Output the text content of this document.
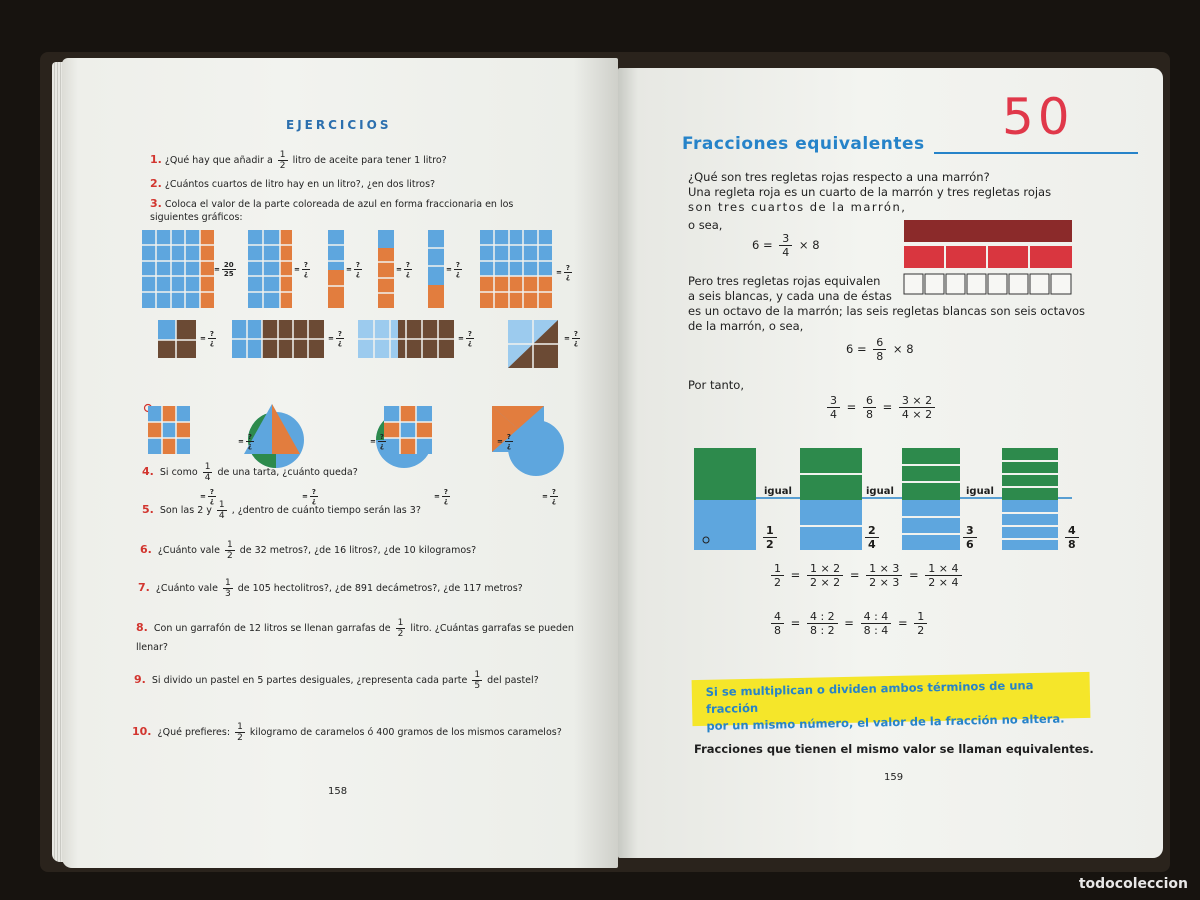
EJERCICIOS
1. ¿Qué hay que añadir a $\frac{1}{2}$ litro de aceite para tener 1 litro?
2. ¿Cuántos cuartos de litro hay en un litro?, ¿en dos litros?
3. Coloca el valor de la parte coloreada de azul en forma fraccionaria en los siguientes gráficos:
= $\frac{20}{25}$	= $\frac{?}{¿}$	= $\frac{?}{¿}$	= $\frac{?}{¿}$	= $\frac{?}{¿}$	= $\frac{?}{¿}$
= $\frac{?}{¿}$	= $\frac{?}{¿}$	= $\frac{?}{¿}$	= $\frac{?}{¿}$
= $\frac{?}{¿}$	= $\frac{?}{¿}$	= $\frac{?}{¿}$
= $\frac{?}{¿}$	= $\frac{?}{¿}$	= $\frac{?}{¿}$	= $\frac{?}{¿}$
4. Si como $\frac{1}{4}$ de una tarta, ¿cuánto queda?
5. Son las 2 y $\frac{1}{4}$ , ¿dentro de cuánto tiempo serán las 3?
6. ¿Cuánto vale $\frac{1}{2}$ de 32 metros?, ¿de 16 litros?, ¿de 10 kilogramos?
7. ¿Cuánto vale $\frac{1}{3}$ de 105 hectolitros?, ¿de 891 decámetros?, ¿de 117 metros?
8. Con un garrafón de 12 litros se llenan garrafas de $\frac{1}{2}$ litro. ¿Cuántas garrafas se pueden llenar?
9. Si divido un pastel en 5 partes desiguales, ¿representa cada parte $\frac{1}{5}$ del pastel?
10. ¿Qué prefieres: $\frac{1}{2}$ kilogramo de caramelos ó 400 gramos de los mismos caramelos?
158
50
Fracciones equivalentes
¿Qué son tres regletas rojas respecto a una marrón?
Una regleta roja es un cuarto de la marrón y tres regletas rojas
son tres cuartos de la marrón,
o sea,
$6 = \frac{3}{4} \times 8$
Pero tres regletas rojas equivalen
a seis blancas, y cada una de éstas
es un octavo de la marrón; las seis regletas blancas son seis octavos
de la marrón, o sea,
$6 = \frac{6}{8} \times 8$
Por tanto,
$\frac{3}{4} = \frac{6}{8} = \frac{3 \times 2}{4 \times 2}$
igual	igual	igual
$\frac{1}{2}$	$\frac{2}{4}$	$\frac{3}{6}$	$\frac{4}{8}$
$\frac{1}{2} = \frac{1 \times 2}{2 \times 2} = \frac{1 \times 3}{2 \times 3} = \frac{1 \times 4}{2 \times 4}$
$\frac{4}{8} = \frac{4 : 2}{8 : 2} = \frac{4 : 4}{8 : 4} = \frac{1}{2}$
Si se multiplican o dividen ambos términos de una fracción
por un mismo número, el valor de la fracción no altera.
Fracciones que tienen el mismo valor se llaman equivalentes.
159
todocoleccion
